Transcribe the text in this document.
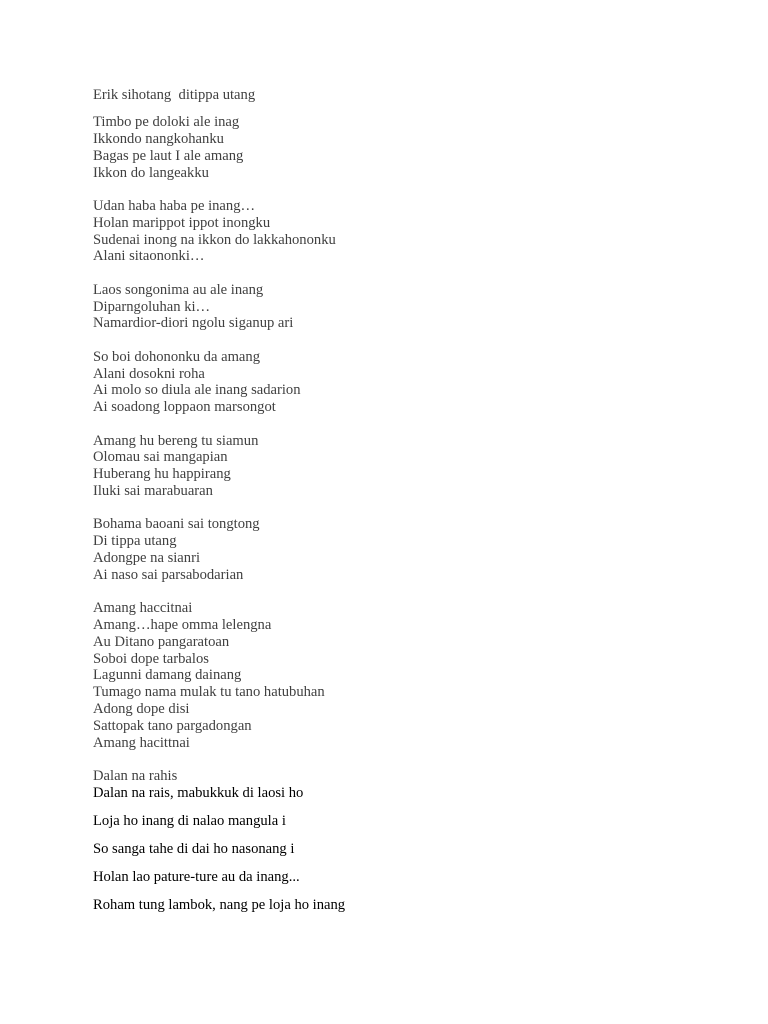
Erik sihotang  ditippa utang
Timbo pe doloki ale inag
Ikkondo nangkohanku
Bagas pe laut I ale amang
Ikkon do langeakku
Udan haba haba pe inang…
Holan marippot ippot inongku
Sudenai inong na ikkon do lakkahononku
Alani sitaononki…
Laos songonima au ale inang
Diparngoluhan ki…
Namardior-diori ngolu siganup ari
So boi dohononku da amang
Alani dosokni roha
Ai molo so diula ale inang sadarion
Ai soadong loppaon marsongot
Amang hu bereng tu siamun
Olomau sai mangapian
Huberang hu happirang
Iluki sai marabuaran
Bohama baoani sai tongtong
Di tippa utang
Adongpe na sianri
Ai naso sai parsabodarian
Amang haccitnai
Amang…hape omma lelengna
Au Ditano pangaratoan
Soboi dope tarbalos
Lagunni damang dainang
Tumago nama mulak tu tano hatubuhan
Adong dope disi
Sattopak tano pargadongan
Amang hacittnai
Dalan na rahis
Dalan na rais, mabukkuk di laosi ho
Loja ho inang di nalao mangula i
So sanga tahe di dai ho nasonang i
Holan lao pature-ture au da inang...
Roham tung lambok, nang pe loja ho inang
